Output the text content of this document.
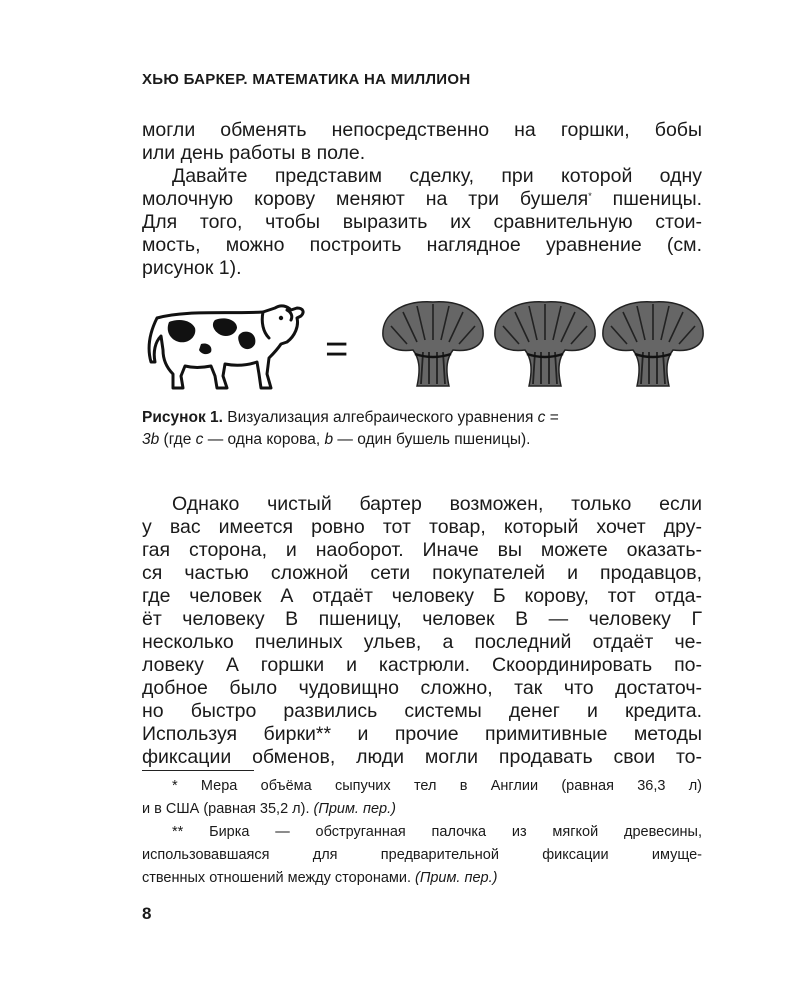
ХЬЮ БАРКЕР. МАТЕМАТИКА НА МИЛЛИОН
могли обменять непосредственно на горшки, бобы
или день работы в поле.
Давайте представим сделку, при которой одну
молочную корову меняют на три бушеля* пшеницы.
Для того, чтобы выразить их сравнительную стои-
мость, можно построить наглядное уравнение (см.
рисунок 1).
=
Рисунок 1. Визуализация алгебраического уравнения c =
3b (где c — одна корова, b — один бушель пшеницы).
Однако чистый бартер возможен, только если
у вас имеется ровно тот товар, который хочет дру-
гая сторона, и наоборот. Иначе вы можете оказать-
ся частью сложной сети покупателей и продавцов,
где человек А отдаёт человеку Б корову, тот отда-
ёт человеку В пшеницу, человек В — человеку Г
несколько пчелиных ульев, а последний отдаёт че-
ловеку А горшки и кастрюли. Скоординировать по-
добное было чудовищно сложно, так что достаточ-
но быстро развились системы денег и кредита.
Используя бирки** и прочие примитивные методы
фиксации обменов, люди могли продавать свои то-
* Мера объёма сыпучих тел в Англии (равная 36,3 л)
и в США (равная 35,2 л). (Прим. пер.)
** Бирка — обструганная палочка из мягкой древесины,
использовавшаяся для предварительной фиксации имуще-
ственных отношений между сторонами. (Прим. пер.)
8
